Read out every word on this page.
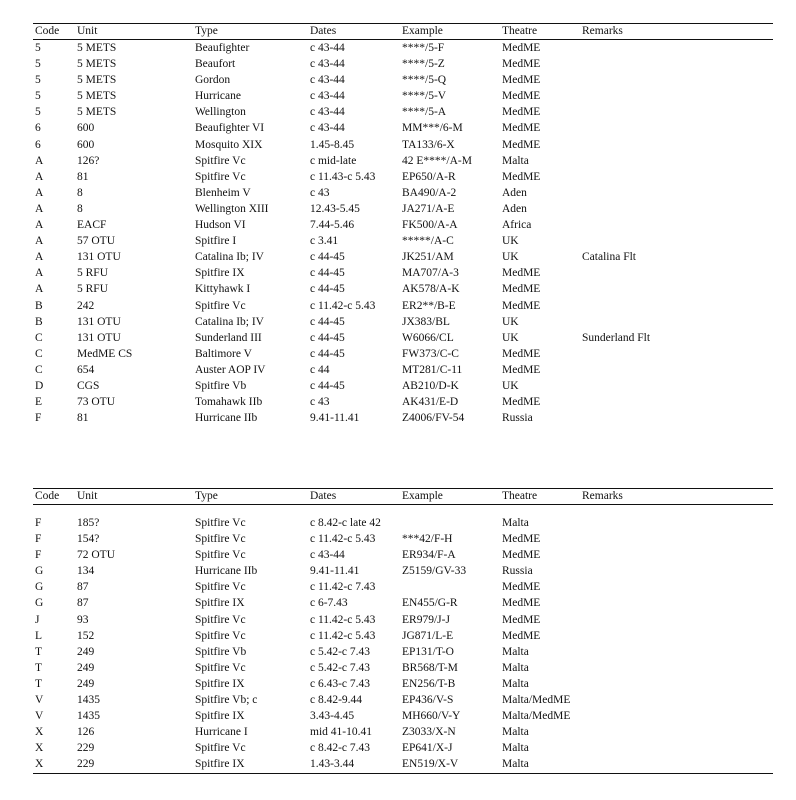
Code	Unit	Type	Dates	Example	Theatre	Remarks
5	5 METS	Beaufighter	c 43-44	****/5-F	MedME	
5	5 METS	Beaufort	c 43-44	****/5-Z	MedME	
5	5 METS	Gordon	c 43-44	****/5-Q	MedME	
5	5 METS	Hurricane	c 43-44	****/5-V	MedME	
5	5 METS	Wellington	c 43-44	****/5-A	MedME	
6	600	Beaufighter VI	c 43-44	MM***/6-M	MedME	
6	600	Mosquito XIX	1.45-8.45	TA133/6-X	MedME	
A	126?	Spitfire Vc	c mid-late	42 E****/A-M	Malta	
A	81	Spitfire Vc	c 11.43-c 5.43	EP650/A-R	MedME	
A	8	Blenheim V	c 43	BA490/A-2	Aden	
A	8	Wellington XIII	12.43-5.45	JA271/A-E	Aden	
A	EACF	Hudson VI	7.44-5.46	FK500/A-A	Africa	
A	57 OTU	Spitfire I	c 3.41	*****/A-C	UK	
A	131 OTU	Catalina Ib; IV	c 44-45	JK251/AM	UK	Catalina Flt
A	5 RFU	Spitfire IX	c 44-45	MA707/A-3	MedME	
A	5 RFU	Kittyhawk I	c 44-45	AK578/A-K	MedME	
B	242	Spitfire Vc	c 11.42-c 5.43	ER2**/B-E	MedME	
B	131 OTU	Catalina Ib; IV	c 44-45	JX383/BL	UK	
C	131 OTU	Sunderland III	c 44-45	W6066/CL	UK	Sunderland Flt
C	MedME CS	Baltimore V	c 44-45	FW373/C-C	MedME	
C	654	Auster AOP IV	c 44	MT281/C-11	MedME	
D	CGS	Spitfire Vb	c 44-45	AB210/D-K	UK	
E	73 OTU	Tomahawk IIb	c 43	AK431/E-D	MedME	
F	81	Hurricane IIb	9.41-11.41	Z4006/FV-54	Russia	
Code	Unit	Type	Dates	Example	Theatre	Remarks
F	185?	Spitfire Vc	c 8.42-c late 42		Malta	
F	154?	Spitfire Vc	c 11.42-c 5.43	***42/F-H	MedME	
F	72 OTU	Spitfire Vc	c 43-44	ER934/F-A	MedME	
G	134	Hurricane IIb	9.41-11.41	Z5159/GV-33	Russia	
G	87	Spitfire Vc	c 11.42-c 7.43		MedME	
G	87	Spitfire IX	c 6-7.43	EN455/G-R	MedME	
J	93	Spitfire Vc	c 11.42-c 5.43	ER979/J-J	MedME	
L	152	Spitfire Vc	c 11.42-c 5.43	JG871/L-E	MedME	
T	249	Spitfire Vb	c 5.42-c 7.43	EP131/T-O	Malta	
T	249	Spitfire Vc	c 5.42-c 7.43	BR568/T-M	Malta	
T	249	Spitfire IX	c 6.43-c 7.43	EN256/T-B	Malta	
V	1435	Spitfire Vb; c	c 8.42-9.44	EP436/V-S	Malta/MedME	
V	1435	Spitfire IX	3.43-4.45	MH660/V-Y	Malta/MedME	
X	126	Hurricane I	mid 41-10.41	Z3033/X-N	Malta	
X	229	Spitfire Vc	c 8.42-c 7.43	EP641/X-J	Malta	
X	229	Spitfire IX	1.43-3.44	EN519/X-V	Malta	
